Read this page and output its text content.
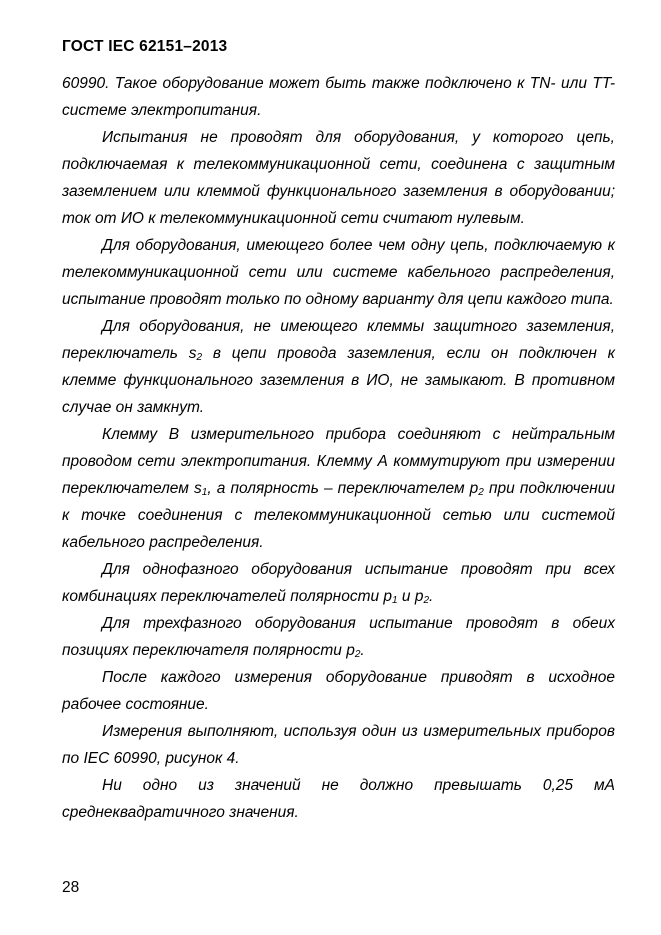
ГОСТ IEC 62151–2013

60990. Такое оборудование может быть также подключено к TN- или TT-системе электропитания.

Испытания не проводят для оборудования, у которого цепь, подключаемая к телекоммуникационной сети, соединена с защитным заземлением или клеммой функционального заземления в оборудовании; ток от ИО к телекоммуникационной сети считают нулевым.

Для оборудования, имеющего более чем одну цепь, подключаемую к телекоммуникационной сети или системе кабельного распределения, испытание проводят только по одному варианту для цепи каждого типа.

Для оборудования, не имеющего клеммы защитного заземления, переключатель $s_2$ в цепи провода заземления, если он подключен к клемме функционального заземления в ИО, не замыкают. В противном случае он замкнут.

Клемму В измерительного прибора соединяют с нейтральным проводом сети электропитания. Клемму А коммутируют при измерении переключателем $s_1$, а полярность – переключателем $p_2$ при подключении к точке соединения с телекоммуникационной сетью или системой кабельного распределения.

Для однофазного оборудования испытание проводят при всех комбинациях переключателей полярности $p_1$ и $p_2$.

Для трехфазного оборудования испытание проводят в обеих позициях переключателя полярности $p_2$.

После каждого измерения оборудование приводят в исходное рабочее состояние.

Измерения выполняют, используя один из измерительных приборов по IEC 60990, рисунок 4.

Ни одно из значений не должно превышать 0,25 мА среднеквадратичного значения.

28
